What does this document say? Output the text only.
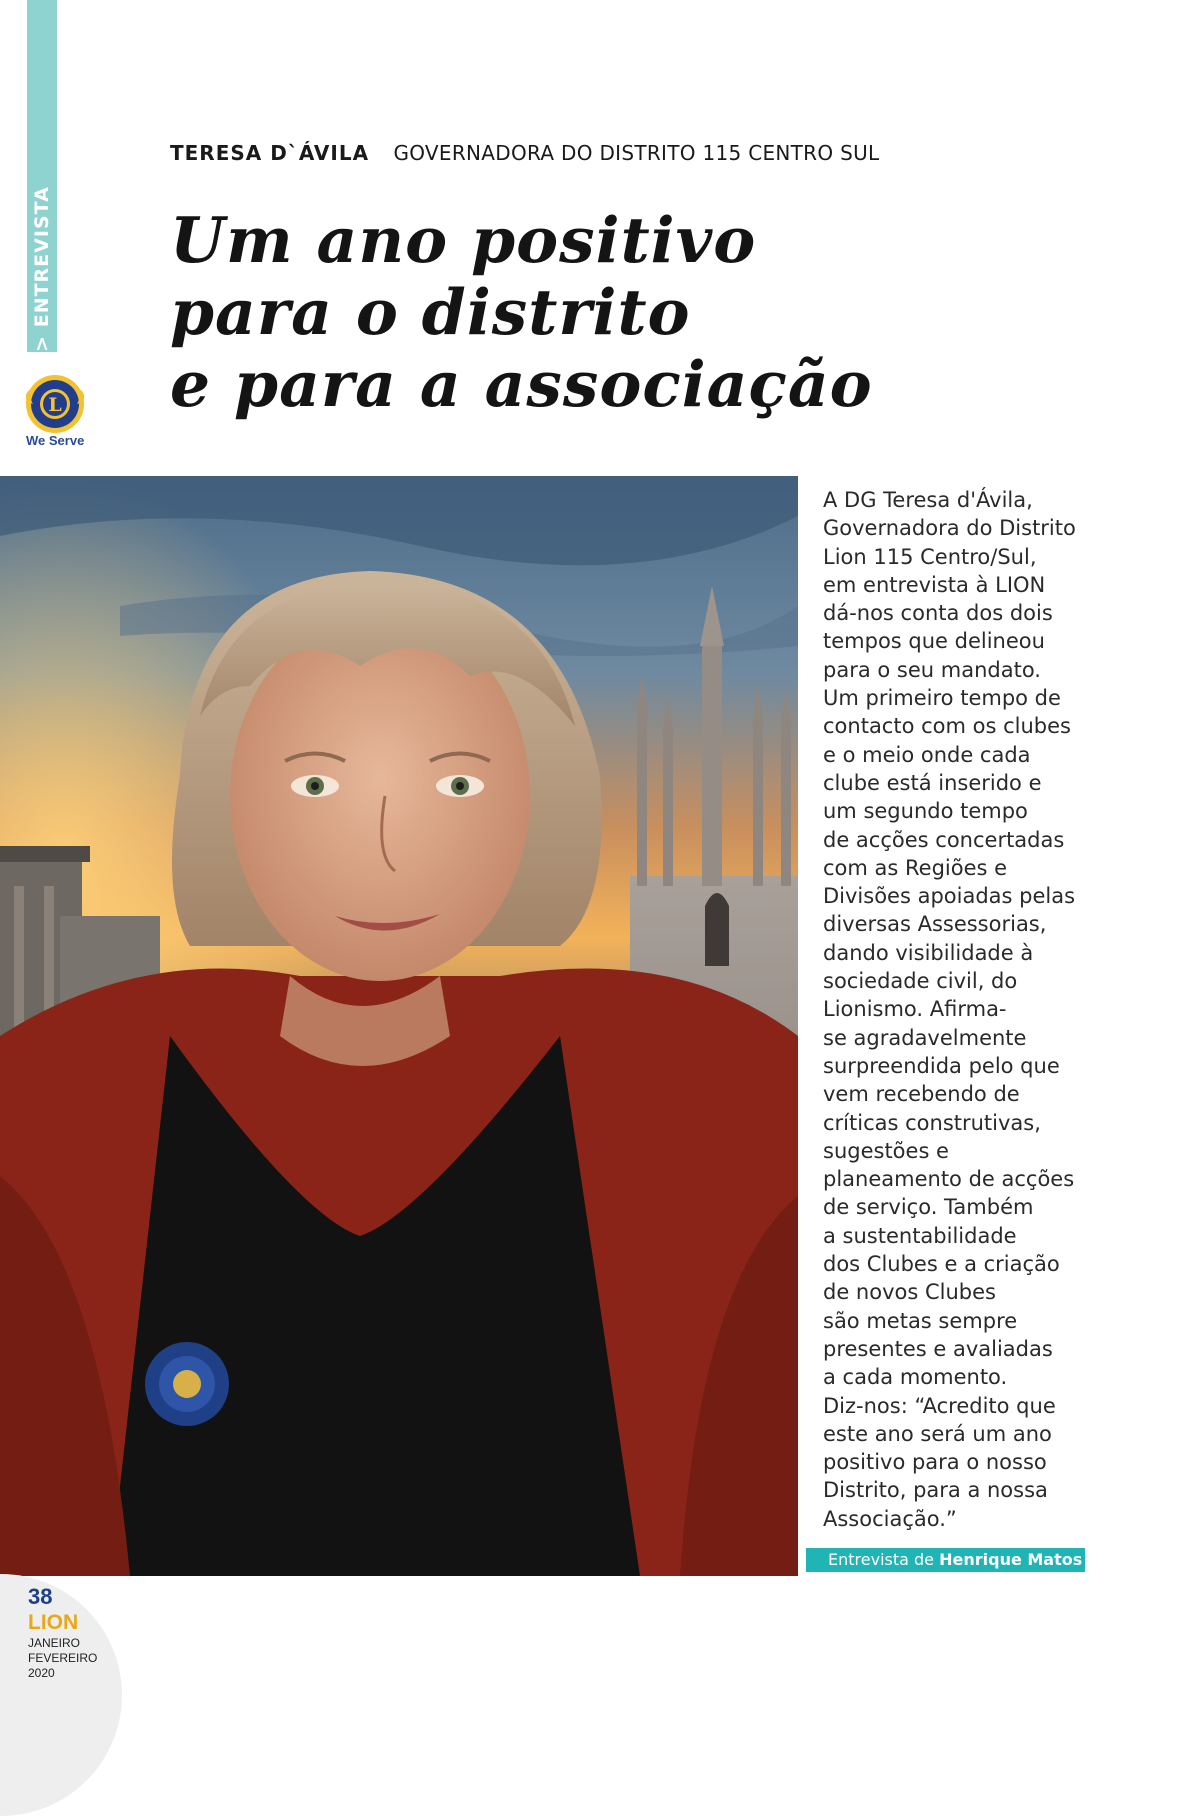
> ENTREVISTA
L
We Serve
TERESA D`ÁVILA GOVERNADORA DO DISTRITO 115 CENTRO SUL
Um ano positivo
para o distrito
e para a associação
A DG Teresa d'Ávila,
Governadora do Distrito
Lion 115 Centro/Sul,
em entrevista à LION
dá-nos conta dos dois
tempos que delineou
para o seu mandato.
Um primeiro tempo de
contacto com os clubes
e o meio onde cada
clube está inserido e
um segundo tempo
de acções concertadas
com as Regiões e
Divisões apoiadas pelas
diversas Assessorias,
dando visibilidade à
sociedade civil, do
Lionismo. Afirma-
se agradavelmente
surpreendida pelo que
vem recebendo de
críticas construtivas,
sugestões e
planeamento de acções
de serviço. Também
a sustentabilidade
dos Clubes e a criação
de novos Clubes
são metas sempre
presentes e avaliadas
a cada momento.
Diz-nos: “Acredito que
este ano será um ano
positivo para o nosso
Distrito, para a nossa
Associação.”
Entrevista de Henrique Matos
38
LION
JANEIRO
FEVEREIRO
2020
